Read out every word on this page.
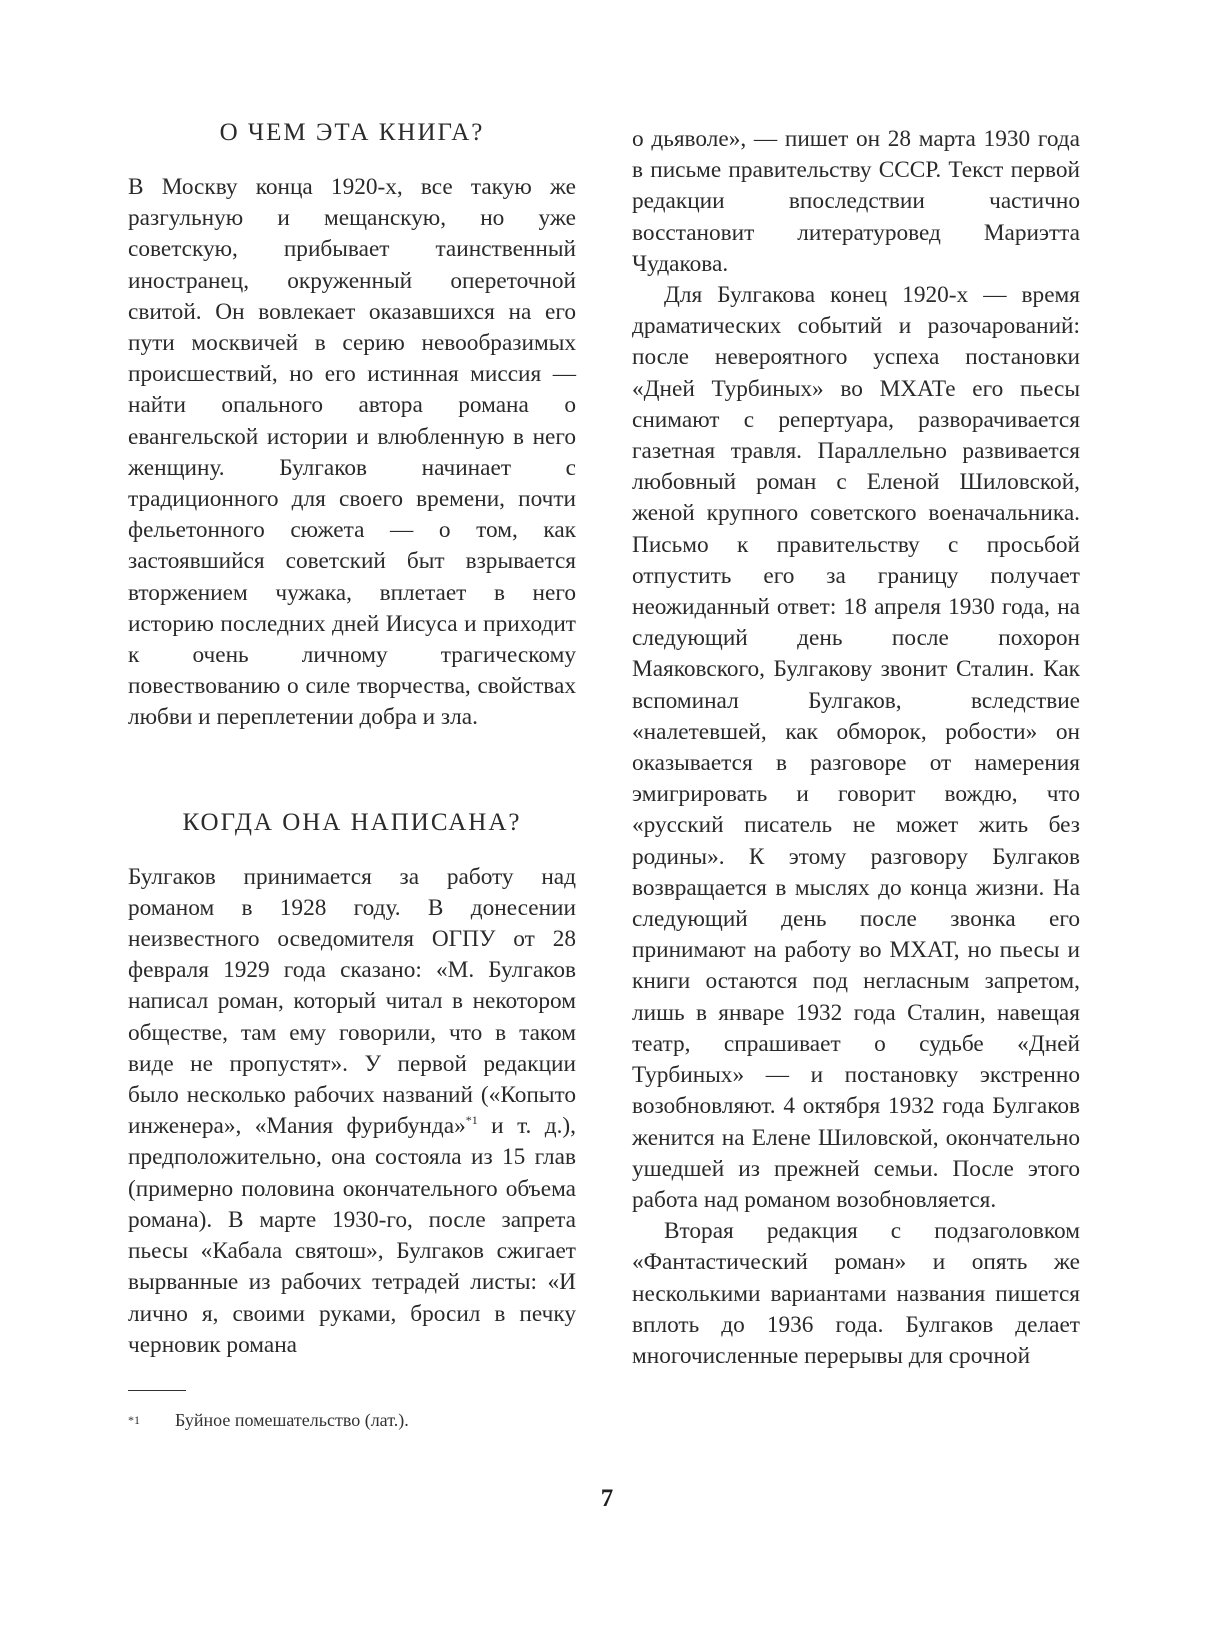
О ЧЕМ ЭТА КНИГА?

В Москву конца 1920-х, все такую же разгульную и мещанскую, но уже советскую, прибывает таинственный иностранец, окруженный опереточной свитой. Он вовлекает оказавшихся на его пути москвичей в серию невообразимых происшествий, но его истинная миссия — найти опального автора романа о евангельской истории и влюбленную в него женщину. Булгаков начинает с традиционного для своего времени, почти фельетонного сюжета — о том, как застоявшийся советский быт взрывается вторжением чужака, вплетает в него историю последних дней Иисуса и приходит к очень личному трагическому повествованию о силе творчества, свойствах любви и переплетении добра и зла.

КОГДА ОНА НАПИСАНА?

Булгаков принимается за работу над романом в 1928 году. В донесении неизвестного осведомителя ОГПУ от 28 февраля 1929 года сказано: «М. Булгаков написал роман, который читал в некотором обществе, там ему говорили, что в таком виде не пропустят». У первой редакции было несколько рабочих названий («Копыто инженера», «Мания фурибунда»$^{*1}$ и т. д.), предположительно, она состояла из 15 глав (примерно половина окончательного объема романа). В марте 1930-го, после запрета пьесы «Кабала святош», Булгаков сжигает вырванные из рабочих тетрадей листы: «И лично я, своими руками, бросил в печку черновик романа

о дьяволе», — пишет он 28 марта 1930 года в письме правительству СССР. Текст первой редакции впоследствии частично восстановит литературовед Мариэтта Чудакова.

Для Булгакова конец 1920-х — время драматических событий и разочарований: после невероятного успеха постановки «Дней Турбиных» во МХАТе его пьесы снимают с репертуара, разворачивается газетная травля. Параллельно развивается любовный роман с Еленой Шиловской, женой крупного советского военачальника. Письмо к правительству с просьбой отпустить его за границу получает неожиданный ответ: 18 апреля 1930 года, на следующий день после похорон Маяковского, Булгакову звонит Сталин. Как вспоминал Булгаков, вследствие «налетевшей, как обморок, робости» он оказывается в разговоре от намерения эмигрировать и говорит вождю, что «русский писатель не может жить без родины». К этому разговору Булгаков возвращается в мыслях до конца жизни. На следующий день после звонка его принимают на работу во МХАТ, но пьесы и книги остаются под негласным запретом, лишь в январе 1932 года Сталин, навещая театр, спрашивает о судьбе «Дней Турбиных» — и постановку экстренно возобновляют. 4 октября 1932 года Булгаков женится на Елене Шиловской, окончательно ушедшей из прежней семьи. После этого работа над романом возобновляется.

Вторая редакция с подзаголовком «Фантастический роман» и опять же несколькими вариантами названия пишется вплоть до 1936 года. Булгаков делает многочисленные перерывы для срочной

*1 Буйное помешательство (лат.).
7
